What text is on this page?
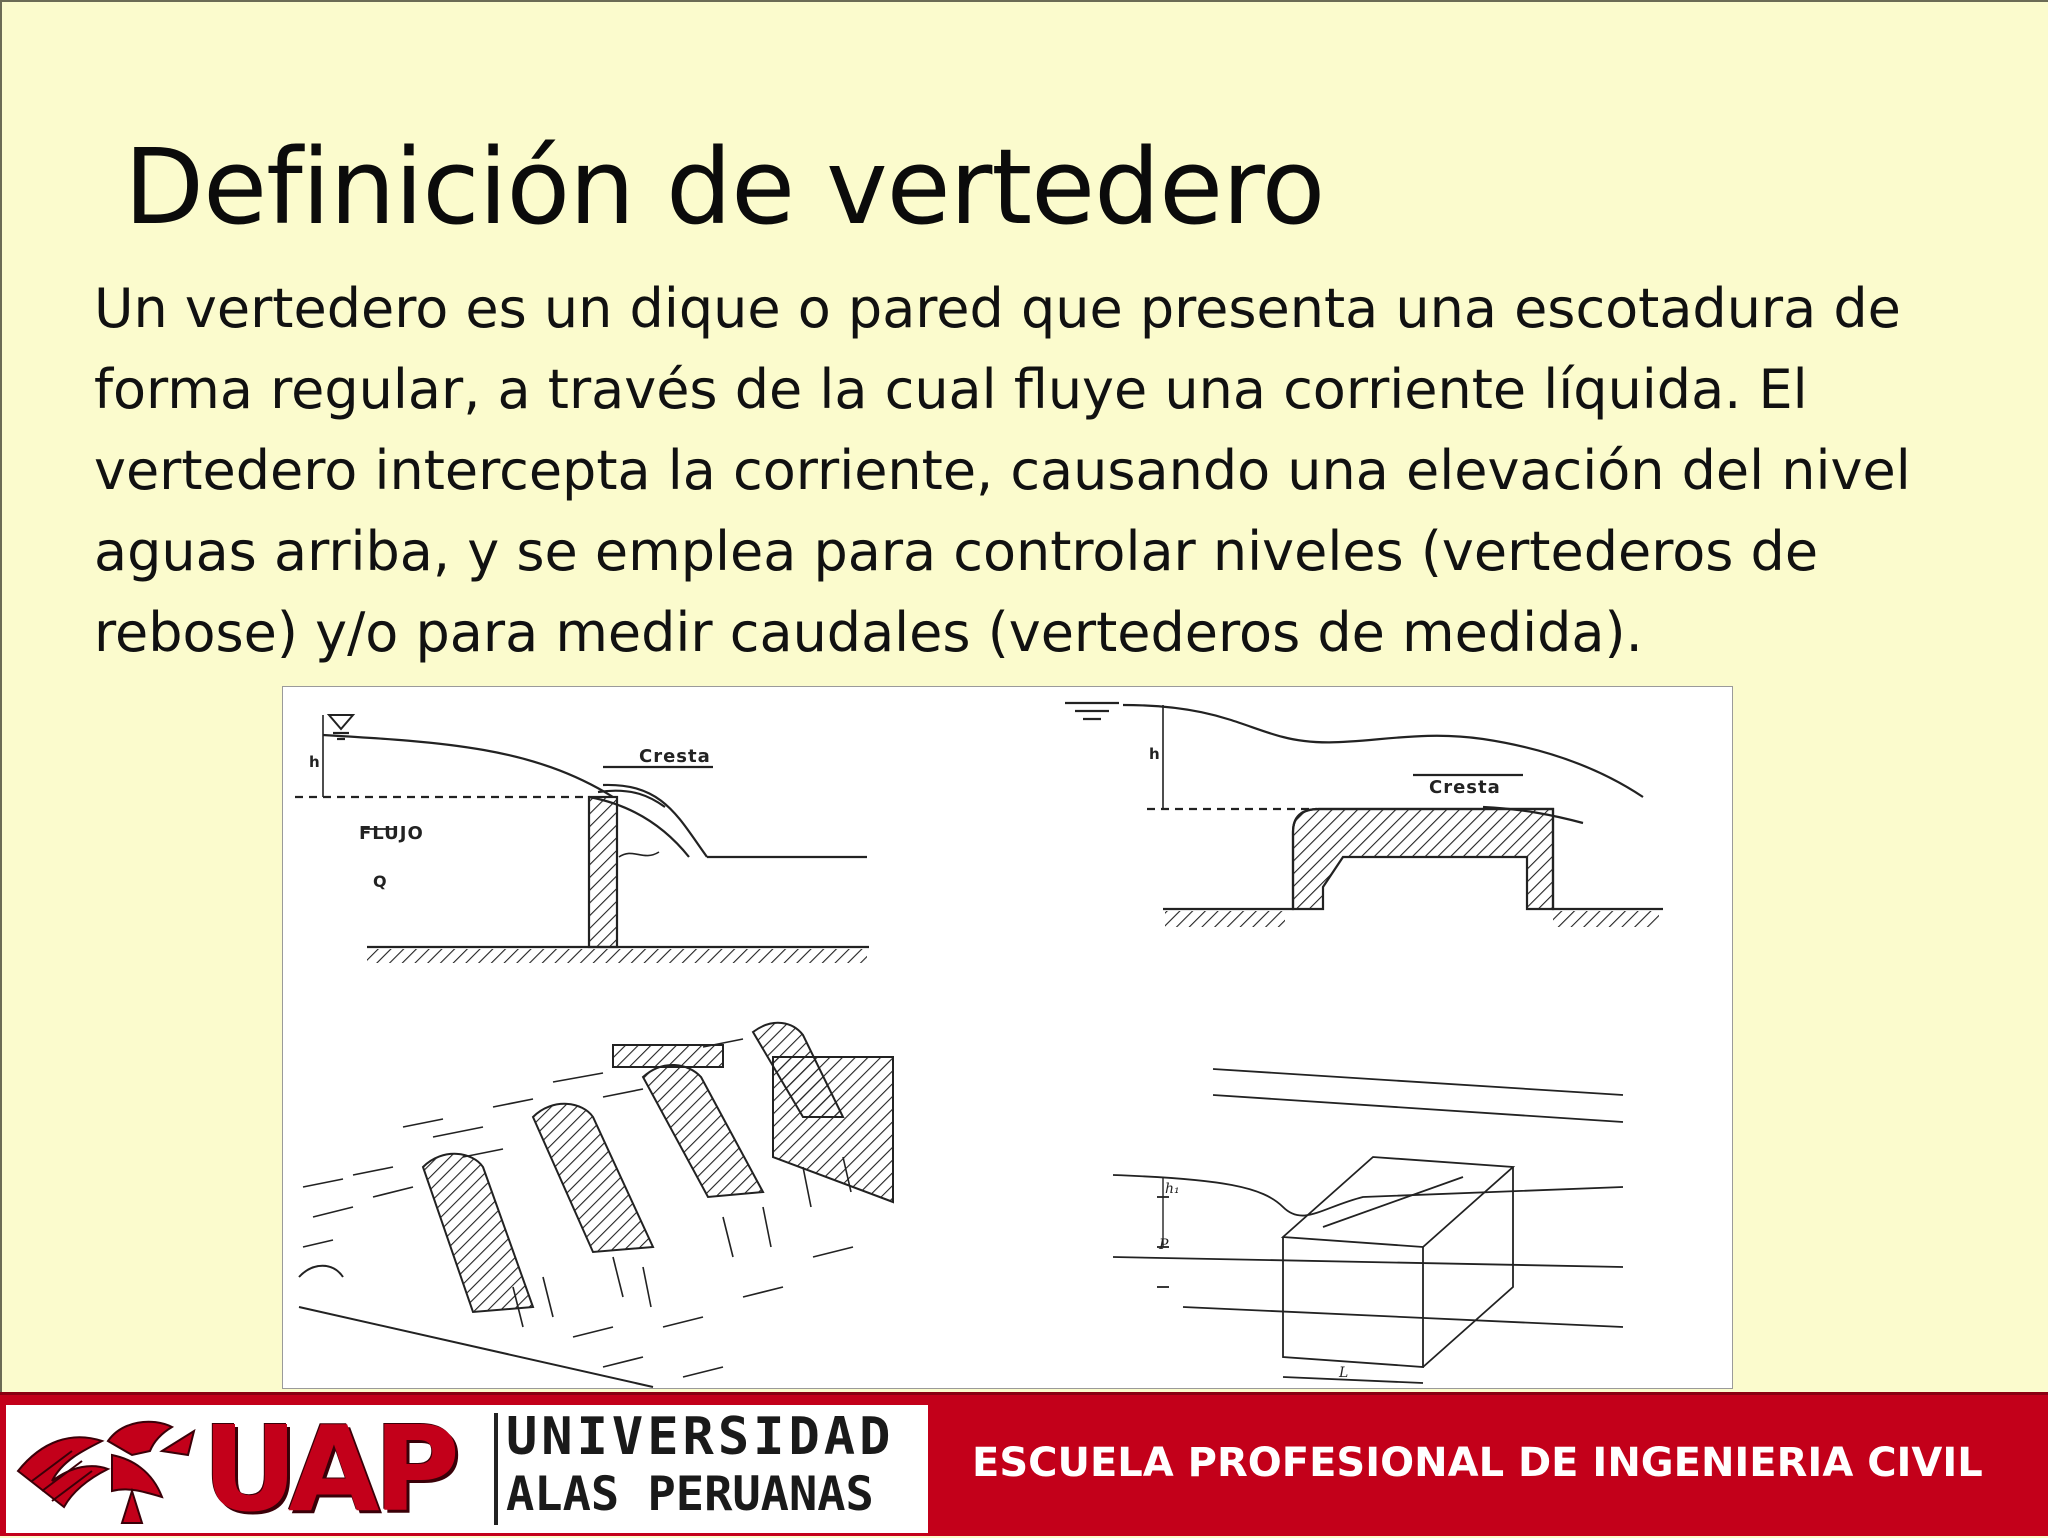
Definición de vertedero

Un vertedero es un dique o pared que presenta una escotadura de forma regular, a través de la cual fluye una corriente líquida. El vertedero intercepta la corriente, causando una elevación del nivel aguas arriba, y se emplea para controlar niveles (vertederos de rebose) y/o para medir caudales (vertederos de medida).

h	Cresta
FLUJO
Q
h
Cresta
h₁
P
L
UAP UNIVERSIDAD
ALAS PERUANAS
ESCUELA PROFESIONAL DE INGENIERIA CIVIL
